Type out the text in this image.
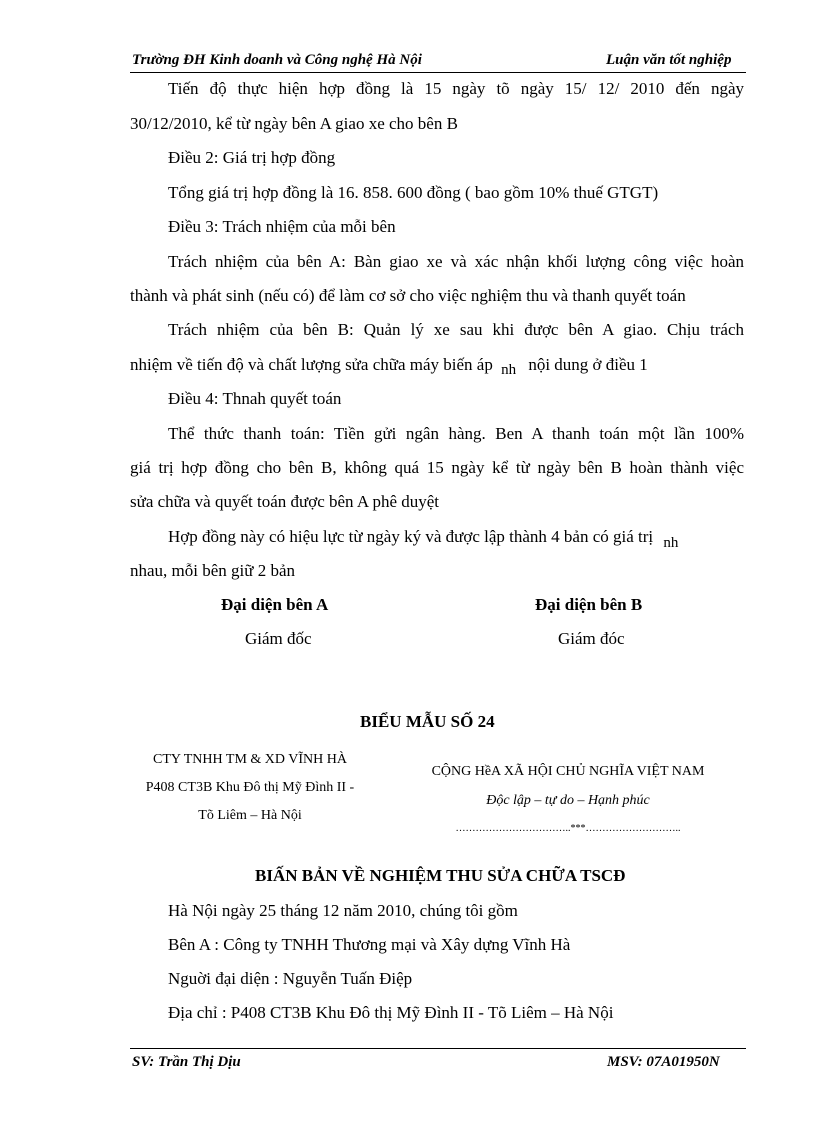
Trường ĐH Kinh doanh và Công nghệ Hà Nội	Luận văn tốt nghiệp
Tiến độ thực hiện hợp đồng là 15 ngày tõ ngày 15/ 12/ 2010 đến ngày
30/12/2010, kể từ ngày bên A giao xe cho bên B
Điều 2: Giá trị hợp đồng
Tổng giá trị hợp đồng là 16. 858. 600 đồng ( bao gồm 10% thuế GTGT)
Điều 3: Trách nhiệm của mỗi bên
Trách nhiệm của bên A: Bàn giao xe và xác nhận khối lượng công việc hoàn
thành và phát sinh (nếu có) để làm cơ sở cho việc nghiệm thu và thanh quyết toán
Trách nhiệm của bên B: Quản lý xe sau khi được bên A giao. Chịu trách
nhiệm về tiến độ và chất lượng sửa chữa máy biến áp nh nội dung ở điều 1
Điều 4: Thnah quyết toán
Thể thức thanh toán: Tiền gửi ngân hàng. Ben A thanh toán một lần 100%
giá trị hợp đồng cho bên B, không quá 15 ngày kể từ ngày bên B hoàn thành việc
sửa chữa và quyết toán được bên A phê duyệt
Hợp đồng này có hiệu lực từ ngày ký và được lập thành 4 bản có giá trị nh
nhau, mỗi bên giữ 2 bản
Đại diện bên A
Giám đốc
Đại diện bên B
Giám đóc
BIỂU MẪU SỐ 24
CTY TNHH TM & XD VĨNH HÀ
P408 CT3B Khu Đô thị Mỹ Đình II -
Tõ Liêm – Hà Nội
CỘNG HềA XÃ HỘI CHỦ NGHĨA VIỆT NAM
Độc lập – tự do – Hạnh phúc
……………………………..***………………………..
BIẤN BẢN VỀ NGHIỆM THU SỬA CHỮA TSCĐ
Hà Nội ngày 25 tháng 12 năm 2010, chúng tôi gồm
Bên A : Công ty TNHH Thương mại và Xây dựng Vĩnh Hà
Nguời đại diện : Nguyễn Tuấn Điệp
Địa chỉ : P408 CT3B Khu Đô thị Mỹ Đình II - Tõ Liêm – Hà Nội
SV: Trần Thị Dịu	MSV: 07A01950N
